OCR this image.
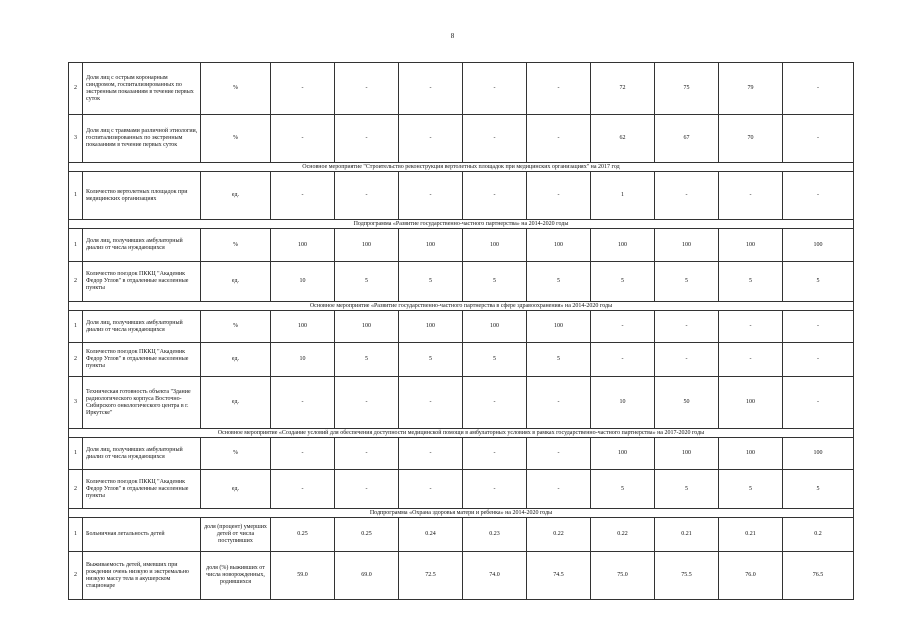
8
2	Доля лиц с острым коронарным синдромом, госпитализированных по экстренным показаниям в течение первых суток	%	-	-	-	-	-	72	75	79	-
3	Доля лиц с травмами различной этиологии, госпитализированных по экстренным показаниям в течение первых суток	%	-	-	-	-	-	62	67	70	-
Основное мероприятие "Строительство реконструкция вертолетных площадок при медицинских организациях" на 2017 год											
1	Количество вертолетных площадок при медицинских организациях	ед.	-	-	-	-	-	1	-	-	-
Подпрограмма «Развитие государственно-частного партнерства» на 2014-2020 годы											
1	Доля лиц, получивших амбулаторный диализ от числа нуждающихся	%	100	100	100	100	100	100	100	100	100
2	Количество поездок ПККЦ "Академик Федор Углов" в отдаленные населенные пункты	ед.	10	5	5	5	5	5	5	5	5
Основное мероприятие «Развитие государственно-частного партнерства в сфере здравоохранения» на 2014-2020 годы											
1	Доля лиц, получивших амбулаторный диализ от числа нуждающихся	%	100	100	100	100	100	-	-	-	-
2	Количество поездок ПККЦ "Академик Федор Углов" в отдаленные населенные пункты	ед.	10	5	5	5	5	-	-	-	-
3	Техническая готовность объекта "Здание радиологического корпуса Восточно-Сибирского онкологического центра в г. Иркутске"	ед.	-	-	-	-	-	10	50	100	-
Основное мероприятие «Создание условий для обеспечения доступности медицинской помощи в амбулаторных условиях в рамках государственно-частного партнерства» на 2017-2020 годы											
1	Доля лиц, получивших амбулаторный диализ от числа нуждающихся	%	-	-	-	-	-	100	100	100	100
2	Количество поездок ПККЦ "Академик Федор Углов" в отдаленные населенные пункты	ед.	-	-	-	-	-	5	5	5	5
Подпрограмма «Охрана здоровья матери и ребенка» на 2014-2020 годы											
1	Больничная летальность детей	доля (процент) умерших детей от числа поступивших	0.25	0.25	0.24	0.23	0.22	0.22	0.21	0.21	0.2
2	Выживаемость детей, имевших при рождении очень низкую и экстремально низкую массу тела в акушерском стационаре	доля (%) выживших от числа новорожденных, родившихся	59.0	69.0	72.5	74.0	74.5	75.0	75.5	76.0	76.5
